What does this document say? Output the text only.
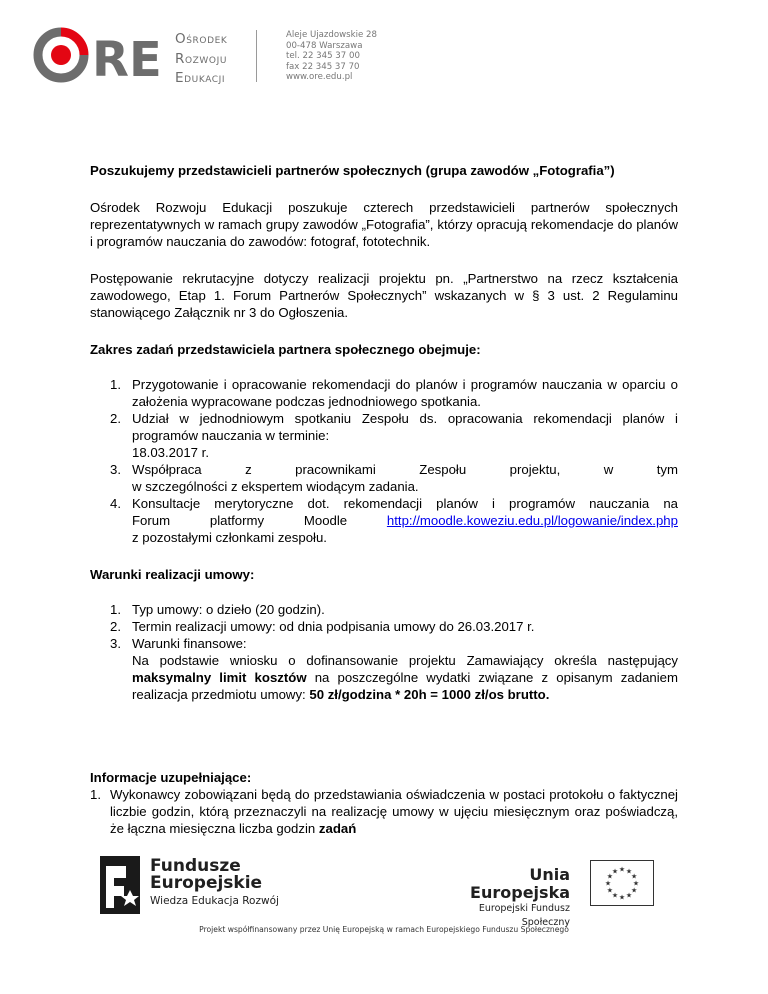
RE Ośrodek
Rozwoju
Edukacji
Aleje Ujazdowskie 28
00-478 Warszawa
tel. 22 345 37 00
fax 22 345 37 70
www.ore.edu.pl

Poszukujemy przedstawicieli partnerów społecznych (grupa zawodów „Fotografia”)

Ośrodek Rozwoju Edukacji poszukuje czterech przedstawicieli partnerów społecznych reprezentatywnych w ramach grupy zawodów „Fotografia”, którzy opracują rekomendacje do planów i programów nauczania do zawodów: fotograf, fototechnik.

Postępowanie rekrutacyjne dotyczy realizacji projektu pn. „Partnerstwo na rzecz kształcenia zawodowego, Etap 1. Forum Partnerów Społecznych” wskazanych w § 3 ust. 2 Regulaminu stanowiącego Załącznik nr 3 do Ogłoszenia.

Zakres zadań przedstawiciela partnera społecznego obejmuje:

1. Przygotowanie i opracowanie rekomendacji do planów i programów nauczania w oparciu o założenia wypracowane podczas jednodniowego spotkania.
2. Udział w jednodniowym spotkaniu Zespołu ds. opracowania rekomendacji planów i programów nauczania w terminie:
18.03.2017 r.
3. Współpraca	z	pracownikami	Zespołu	projektu,	w	tym
w szczególności z ekspertem wiodącym zadania.
4. Konsultacje merytoryczne dot. rekomendacji planów i programów nauczania na
Forum	platformy	Moodle	http://moodle.koweziu.edu.pl/logowanie/index.php
z pozostałymi członkami zespołu.

Warunki realizacji umowy:

1. Typ umowy: o dzieło (20 godzin).
2. Termin realizacji umowy: od dnia podpisania umowy do 26.03.2017 r.
3. Warunki finansowe:
Na podstawie wniosku o dofinansowanie projektu Zamawiający określa następujący maksymalny limit kosztów na poszczególne wydatki związane z opisanym zadaniem realizacja przedmiotu umowy: 50 zł/godzina * 20h = 1000 zł/os brutto.

Informacje uzupełniające:

1. Wykonawcy zobowiązani będą do przedstawiania oświadczenia w postaci protokołu o faktycznej liczbie godzin, którą przeznaczyli na realizację umowy w ujęciu miesięcznym oraz poświadczą, że łączna miesięczna liczba godzin zadań
Fundusze
Europejskie
Wiedza Edukacja Rozwój
Unia Europejska
Europejski Fundusz Społeczny
★ ★
★
★
★
★
★
★
★
★
★
★
Projekt współfinansowany przez Unię Europejską w ramach Europejskiego Funduszu Społecznego
